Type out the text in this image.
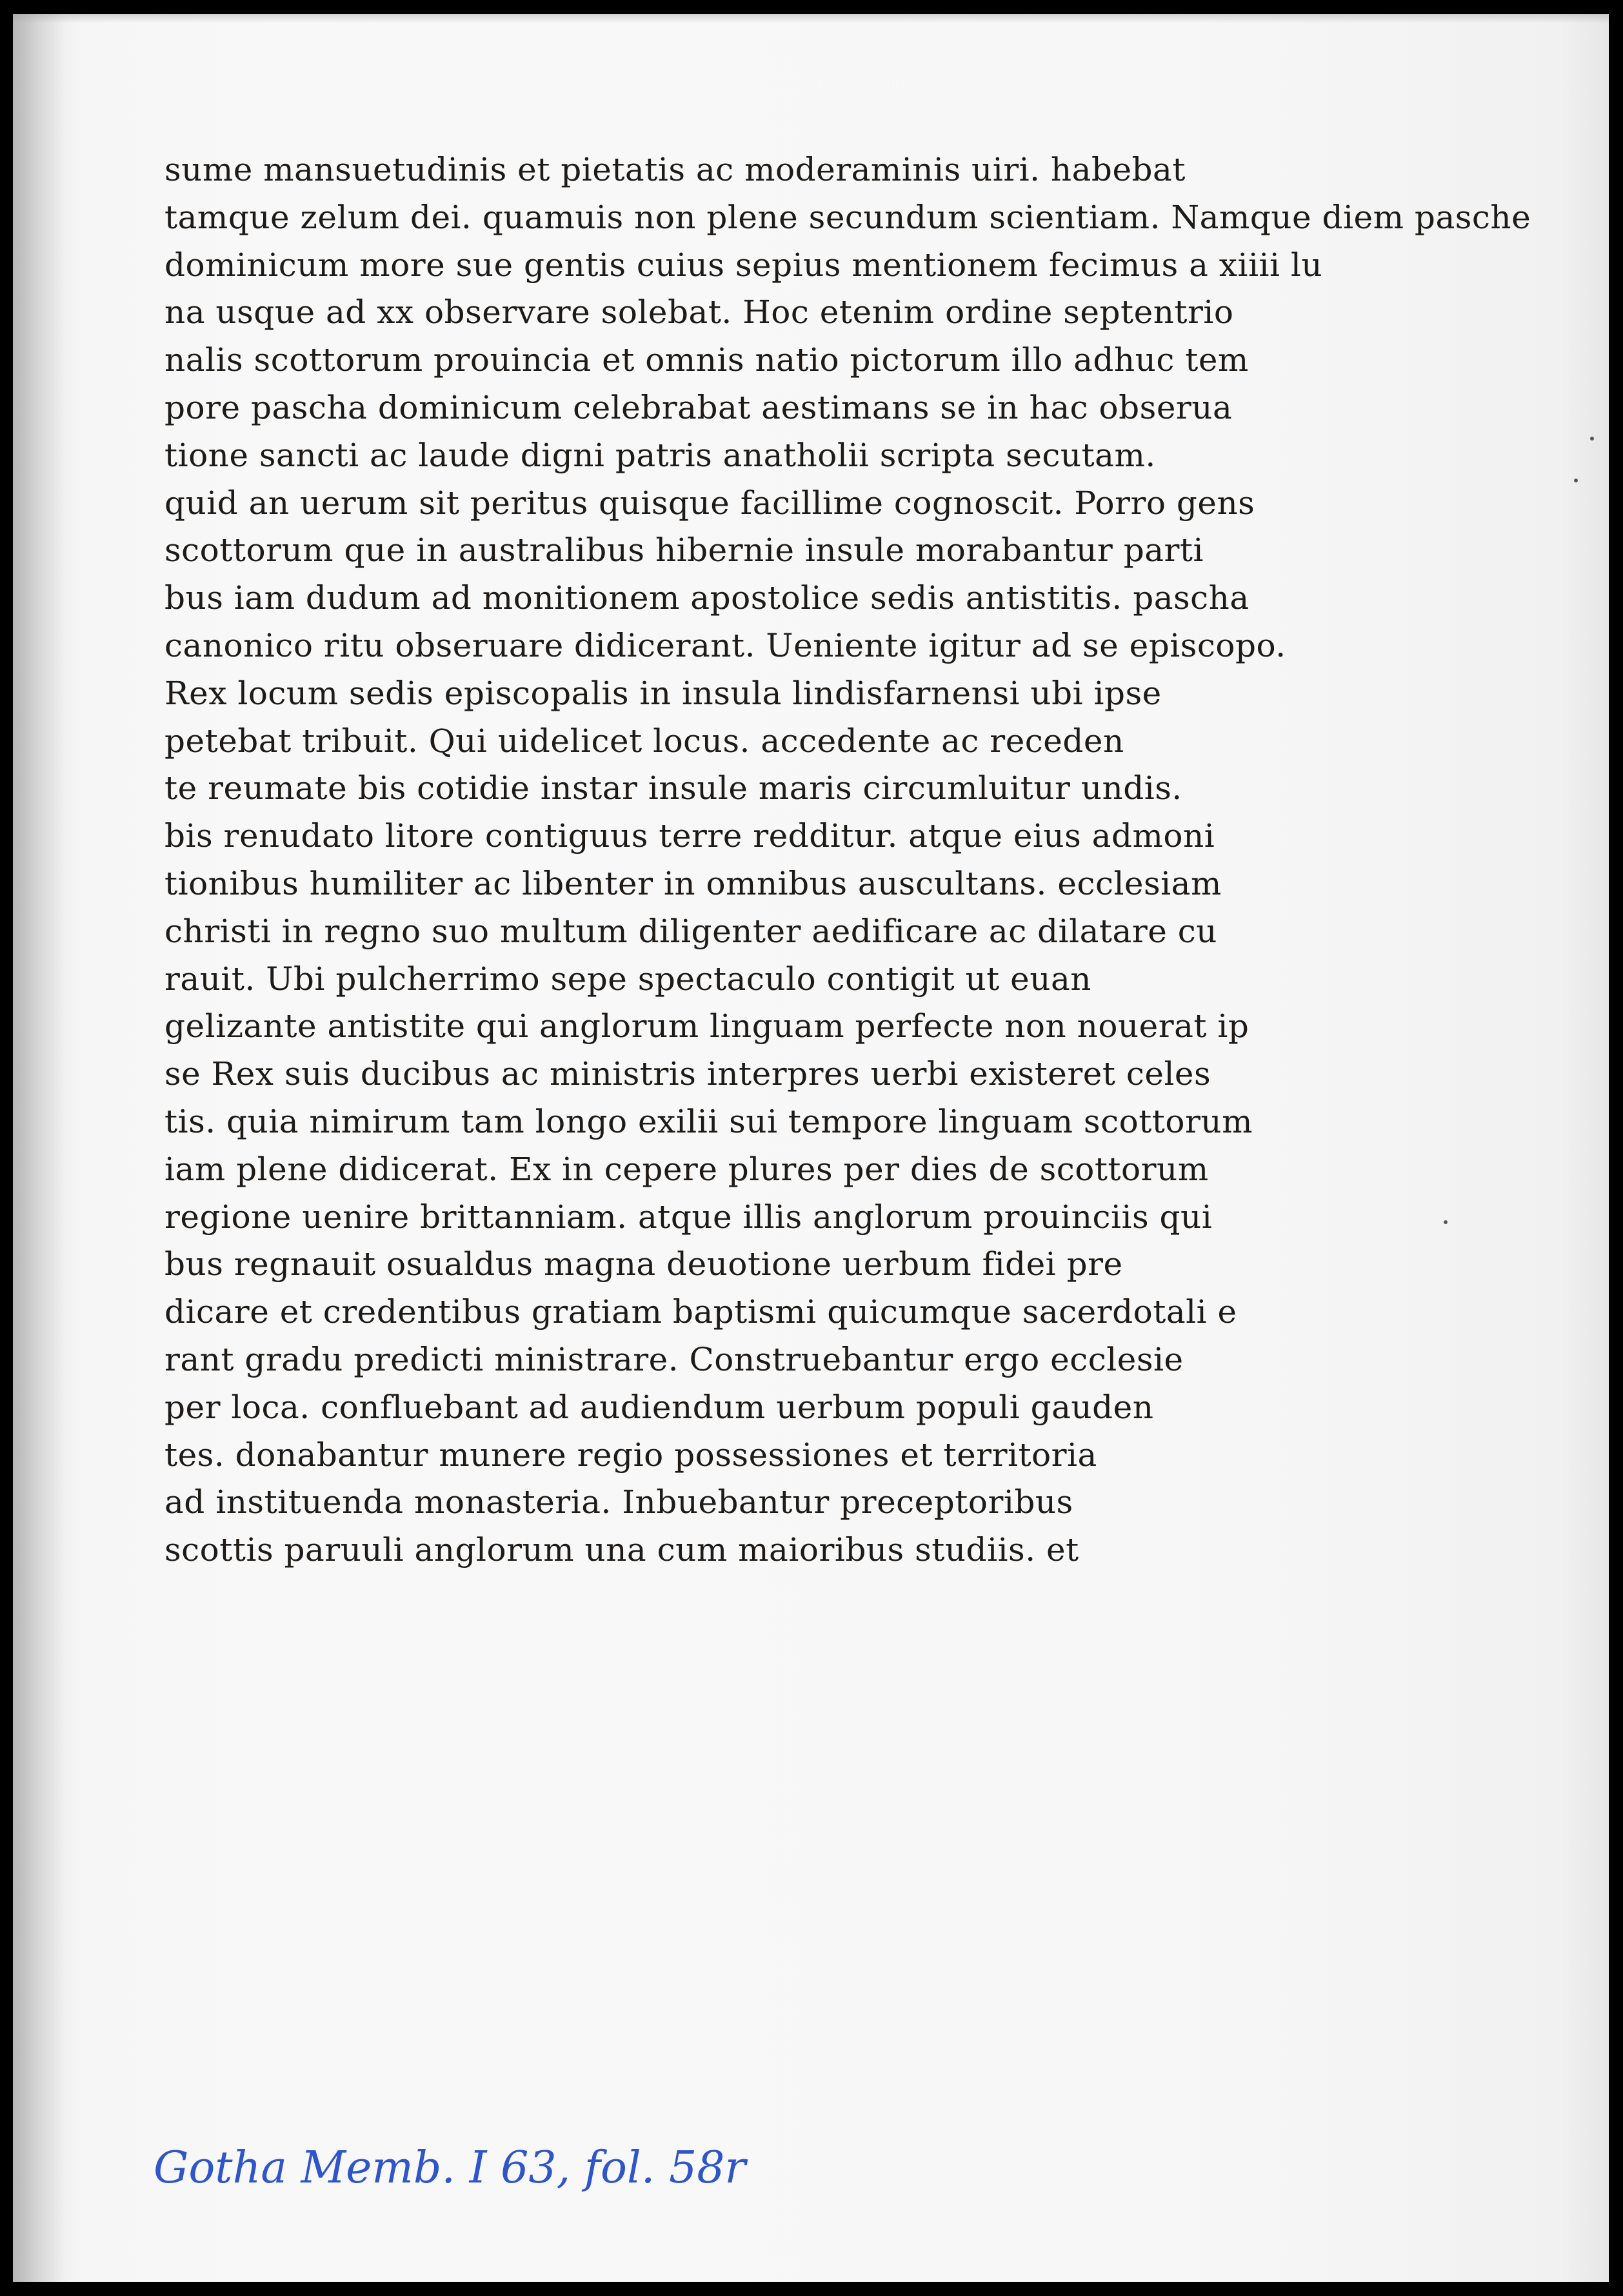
sume mansuetudinis et pietatis ac moderaminis uiri. habebat
tamque zelum dei. quamuis non plene secundum scientiam. Namque diem pasche
dominicum more sue gentis cuius sepius mentionem fecimus a xiiii lu
na usque ad xx observare solebat. Hoc etenim ordine septentrio
nalis scottorum prouincia et omnis natio pictorum illo adhuc tem
pore pascha dominicum celebrabat aestimans se in hac obserua
tione sancti ac laude digni patris anatholii scripta secutam.
quid an uerum sit peritus quisque facillime cognoscit. Porro gens
scottorum que in australibus hibernie insule morabantur parti
bus iam dudum ad monitionem apostolice sedis antistitis. pascha
canonico ritu obseruare didicerant. Ueniente igitur ad se episcopo.
Rex locum sedis episcopalis in insula lindisfarnensi ubi ipse
petebat tribuit. Qui uidelicet locus. accedente ac receden
te reumate bis cotidie instar insule maris circumluitur undis.
bis renudato litore contiguus terre redditur. atque eius admoni
tionibus humiliter ac libenter in omnibus auscultans. ecclesiam
christi in regno suo multum diligenter aedificare ac dilatare cu
rauit. Ubi pulcherrimo sepe spectaculo contigit ut euan
gelizante antistite qui anglorum linguam perfecte non nouerat ip
se Rex suis ducibus ac ministris interpres uerbi existeret celes
tis. quia nimirum tam longo exilii sui tempore linguam scottorum
iam plene didicerat. Ex in cepere plures per dies de scottorum
regione uenire brittanniam. atque illis anglorum prouinciis qui
bus regnauit osualdus magna deuotione uerbum fidei pre
dicare et credentibus gratiam baptismi quicumque sacerdotali e
rant gradu predicti ministrare. Construebantur ergo ecclesie
per loca. confluebant ad audiendum uerbum populi gauden
tes. donabantur munere regio possessiones et territoria
ad instituenda monasteria. Inbuebantur preceptoribus
scottis paruuli anglorum una cum maioribus studiis. et
Gotha Memb. I 63, fol. 58r
